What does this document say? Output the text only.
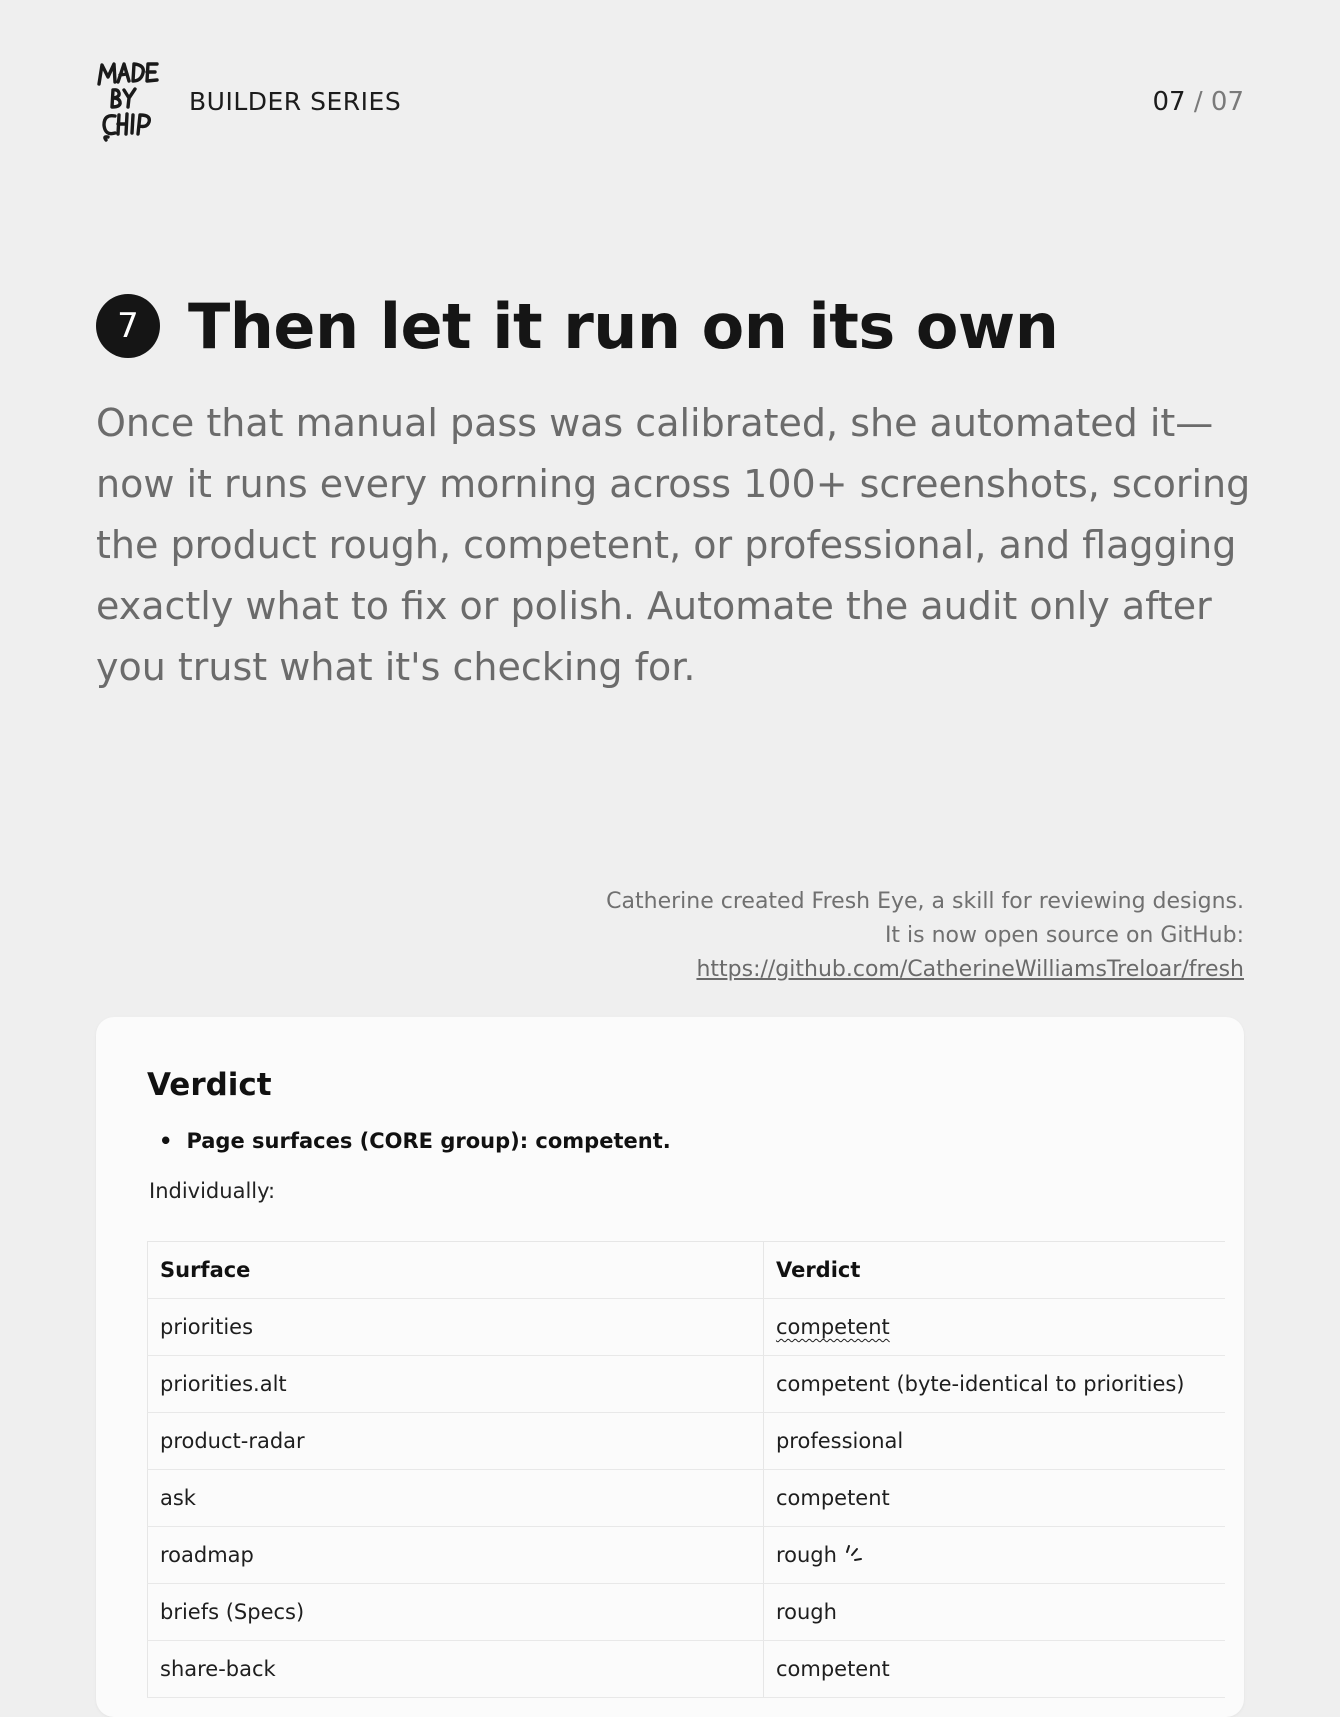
BUILDER SERIES	07 / 07
7 Then let it run on its own

Once that manual pass was calibrated, she automated it—now it runs every morning across 100+ screenshots, scoring the product rough, competent, or professional, and flagging exactly what to fix or polish. Automate the audit only after you trust what it's checking for.

Catherine created Fresh Eye, a skill for reviewing designs.
It is now open source on GitHub:
https://github.com/CatherineWilliamsTreloar/fresh
Verdict
• Page surfaces (CORE group): competent.
Individually:
Surface	Verdict
priorities	competent
priorities.alt	competent (byte-identical to priorities)
product-radar	professional
ask	competent
roadmap	rough
briefs (Specs)	rough
share-back	competent
